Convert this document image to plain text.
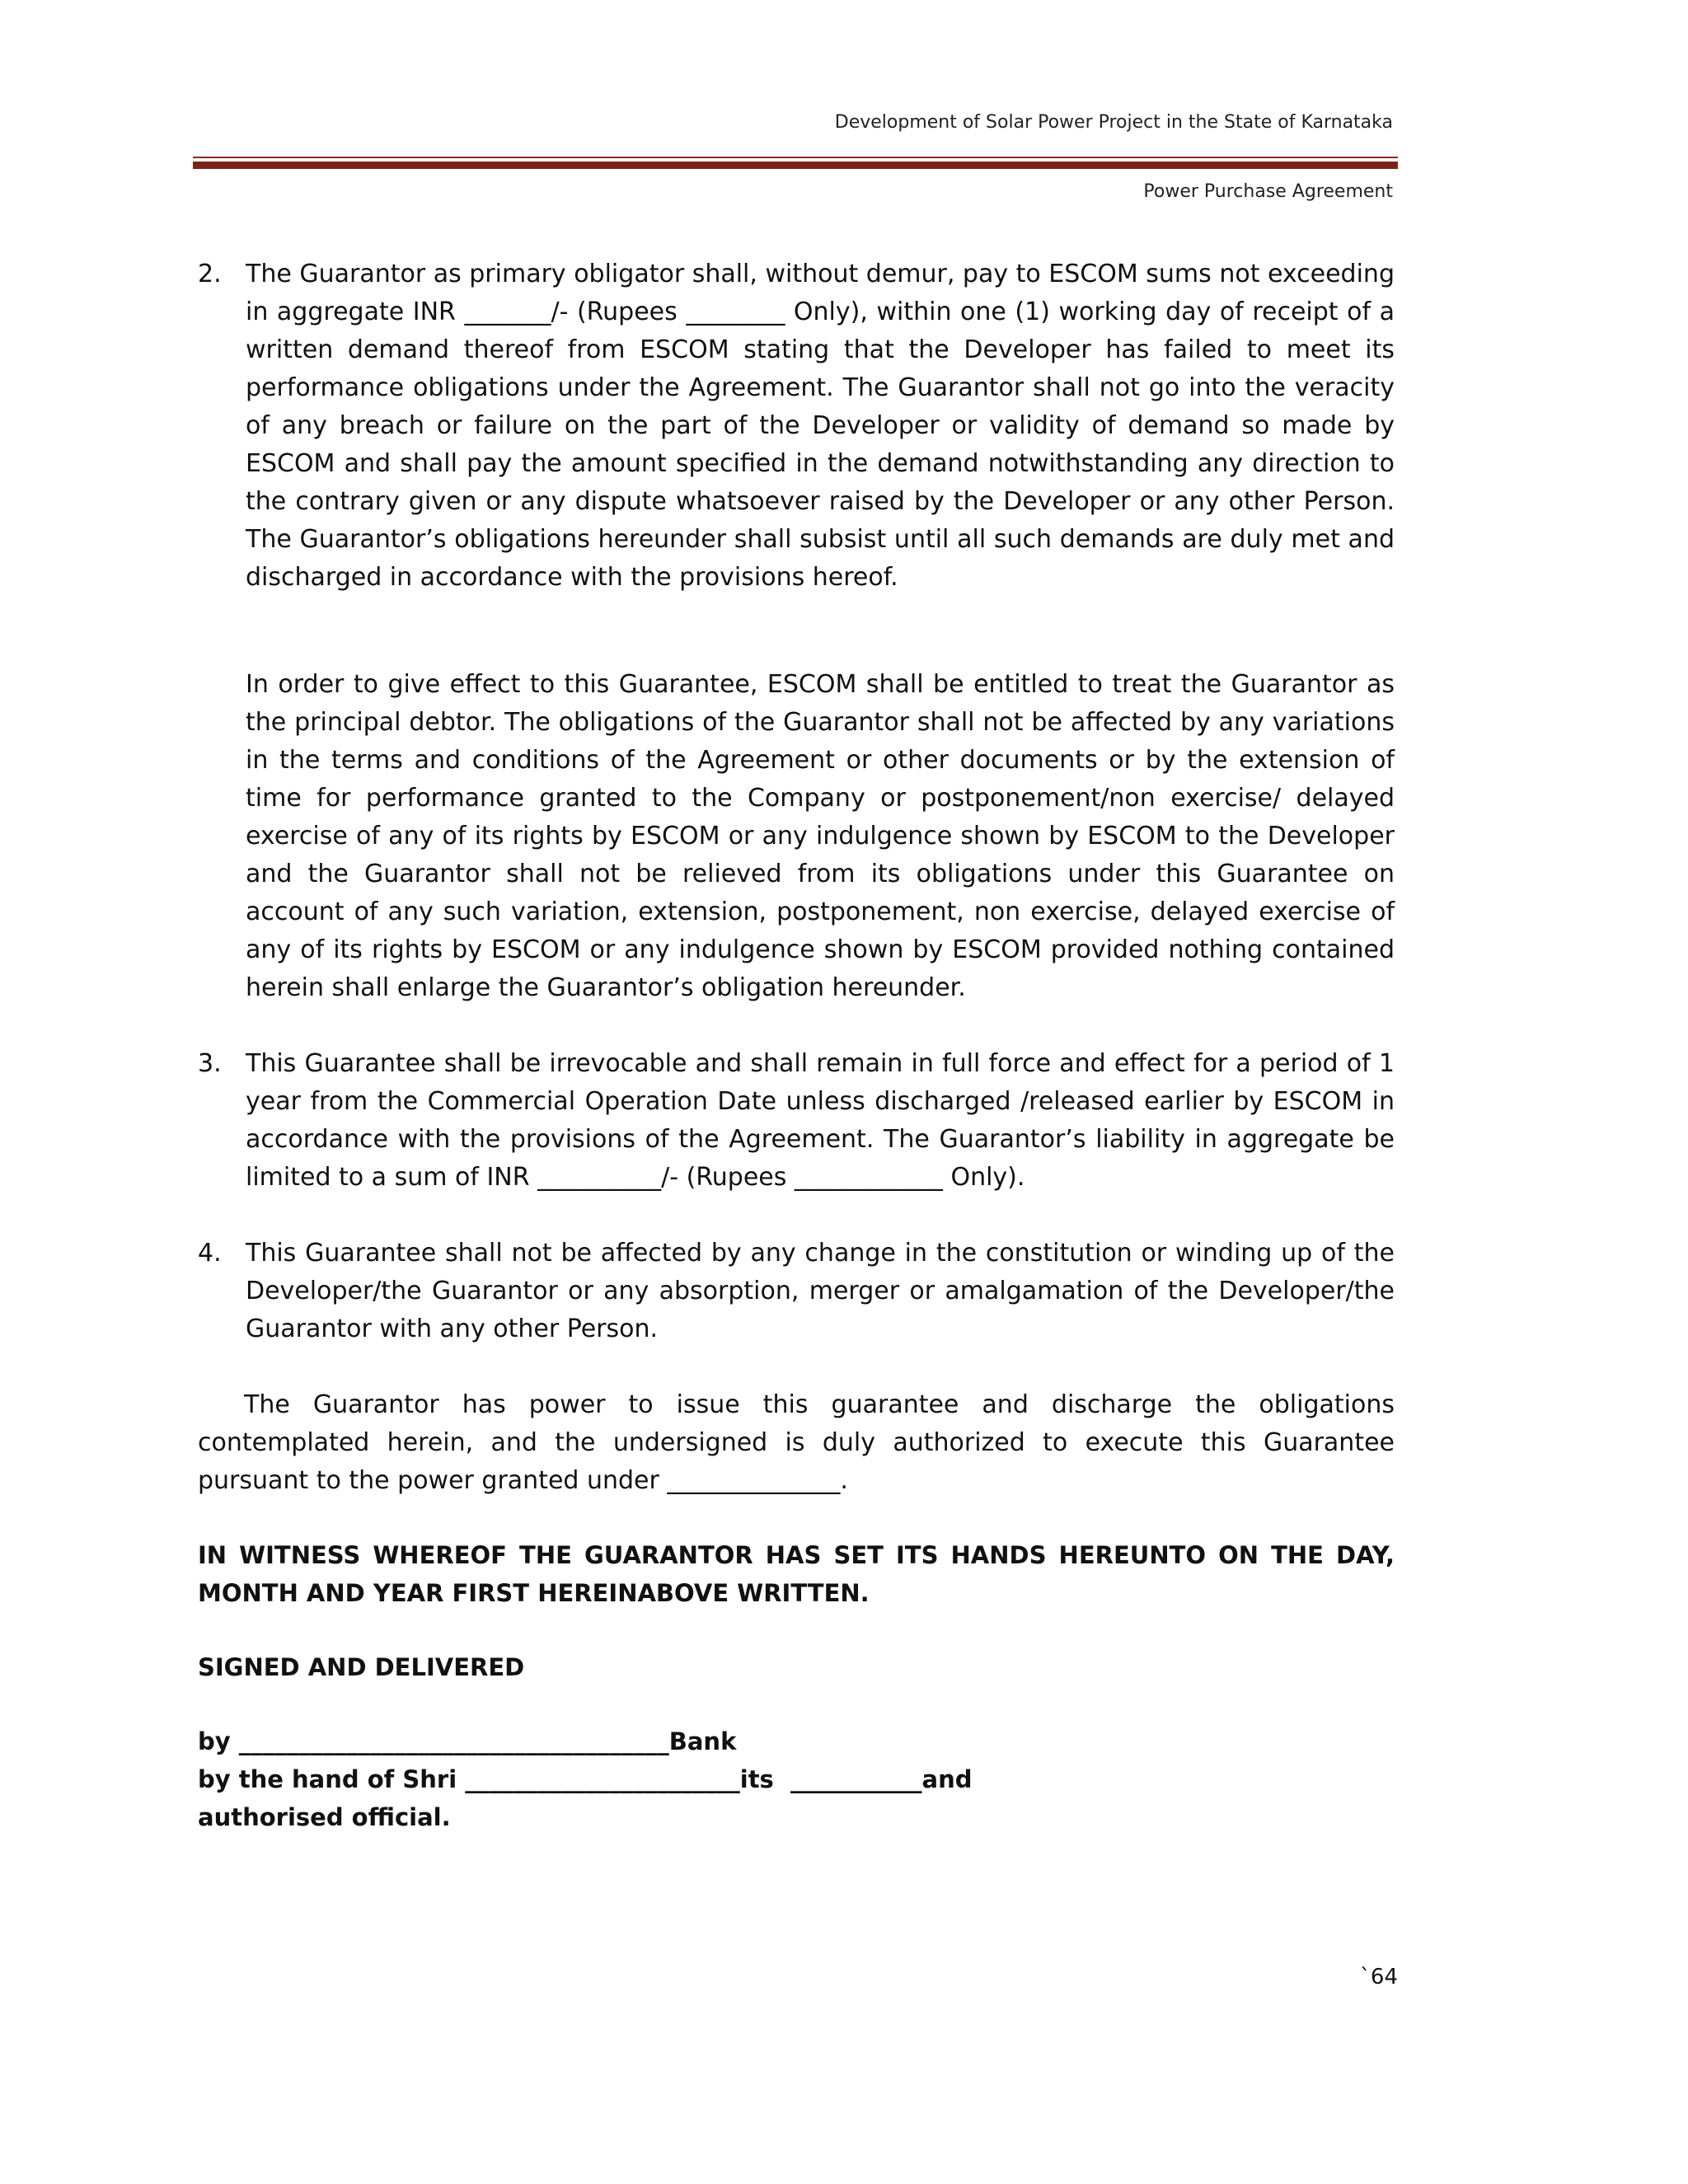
Development of Solar Power Project in the State of Karnataka
Power Purchase Agreement
2. The Guarantor as primary obligator shall, without demur, pay to ESCOM sums not exceeding in aggregate INR _______/- (Rupees ________ Only), within one (1) working day of receipt of a written demand thereof from ESCOM stating that the Developer has failed to meet its performance obligations under the Agreement. The Guarantor shall not go into the veracity of any breach or failure on the part of the Developer or validity of demand so made by ESCOM and shall pay the amount specified in the demand notwithstanding any direction to the contrary given or any dispute whatsoever raised by the Developer or any other Person. The Guarantor’s obligations hereunder shall subsist until all such demands are duly met and discharged in accordance with the provisions hereof.
In order to give effect to this Guarantee, ESCOM shall be entitled to treat the Guarantor as the principal debtor. The obligations of the Guarantor shall not be affected by any variations in the terms and conditions of the Agreement or other documents or by the extension of time for performance granted to the Company or postponement/non exercise/ delayed exercise of any of its rights by ESCOM or any indulgence shown by ESCOM to the Developer and the Guarantor shall not be relieved from its obligations under this Guarantee on account of any such variation, extension, postponement, non exercise, delayed exercise of any of its rights by ESCOM or any indulgence shown by ESCOM provided nothing contained herein shall enlarge the Guarantor’s obligation hereunder.
3. This Guarantee shall be irrevocable and shall remain in full force and effect for a period of 1 year from the Commercial Operation Date unless discharged /released earlier by ESCOM in accordance with the provisions of the Agreement. The Guarantor’s liability in aggregate be limited to a sum of INR __________/- (Rupees ____________ Only).
4. This Guarantee shall not be affected by any change in the constitution or winding up of the Developer/the Guarantor or any absorption, merger or amalgamation of the Developer/the Guarantor with any other Person.
The Guarantor has power to issue this guarantee and discharge the obligations contemplated herein, and the undersigned is duly authorized to execute this Guarantee pursuant to the power granted under ______________.
IN WITNESS WHEREOF THE GUARANTOR HAS SET ITS HANDS HEREUNTO ON THE DAY, MONTH AND YEAR FIRST HEREINABOVE WRITTEN.
SIGNED AND DELIVERED
by ____________________________________Bank
by the hand of Shri _______________________its  ___________and
authorised official.
`64
